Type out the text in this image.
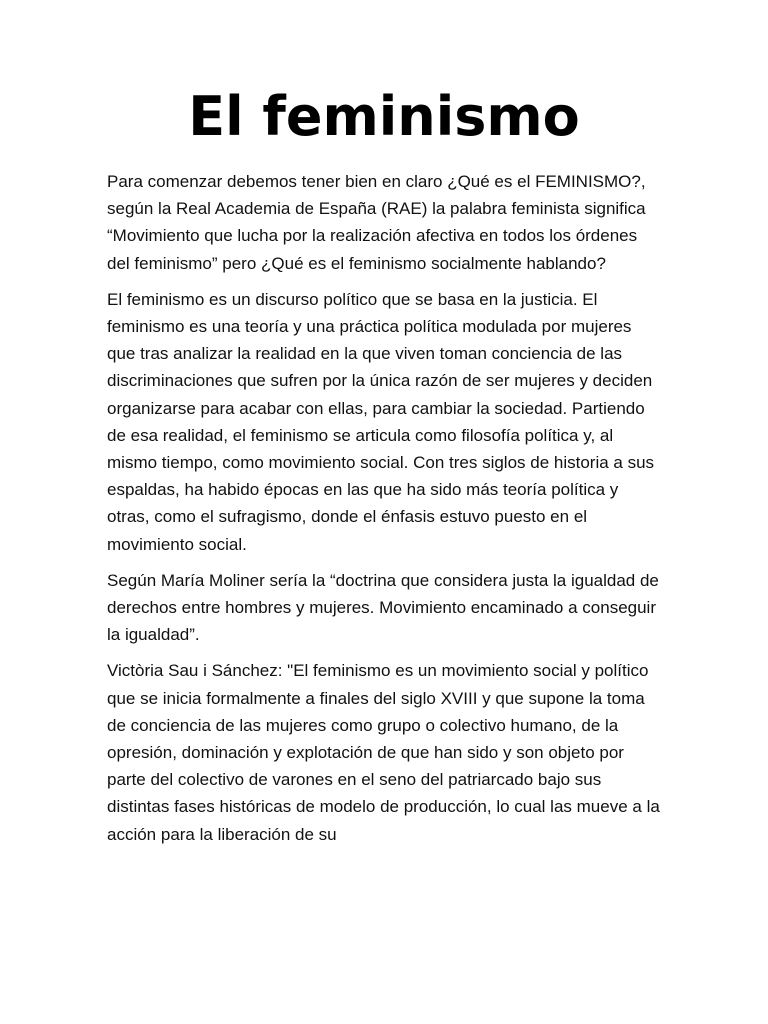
El feminismo

Para comenzar debemos tener bien en claro ¿Qué es el FEMINISMO?, según la Real Academia de España (RAE) la palabra feminista significa “Movimiento que lucha por la realización afectiva en todos los órdenes del feminismo” pero ¿Qué es el feminismo socialmente hablando?

El feminismo es un discurso político que se basa en la justicia. El feminismo es una teoría y una práctica política modulada por mujeres que tras analizar la realidad en la que viven toman conciencia de las discriminaciones que sufren por la única razón de ser mujeres y deciden organizarse para acabar con ellas, para cambiar la sociedad. Partiendo de esa realidad, el feminismo se articula como filosofía política y, al mismo tiempo, como movimiento social. Con tres siglos de historia a sus espaldas, ha habido épocas en las que ha sido más teoría política y otras, como el sufragismo, donde el énfasis estuvo puesto en el movimiento social.

Según María Moliner sería la “doctrina que considera justa la igualdad de derechos entre hombres y mujeres. Movimiento encaminado a conseguir la igualdad”.

Victòria Sau i Sánchez: "El feminismo es un movimiento social y político que se inicia formalmente a finales del siglo XVIII y que supone la toma de conciencia de las mujeres como grupo o colectivo humano, de la opresión, dominación y explotación de que han sido y son objeto por parte del colectivo de varones en el seno del patriarcado bajo sus distintas fases históricas de modelo de producción, lo cual las mueve a la acción para la liberación de su
